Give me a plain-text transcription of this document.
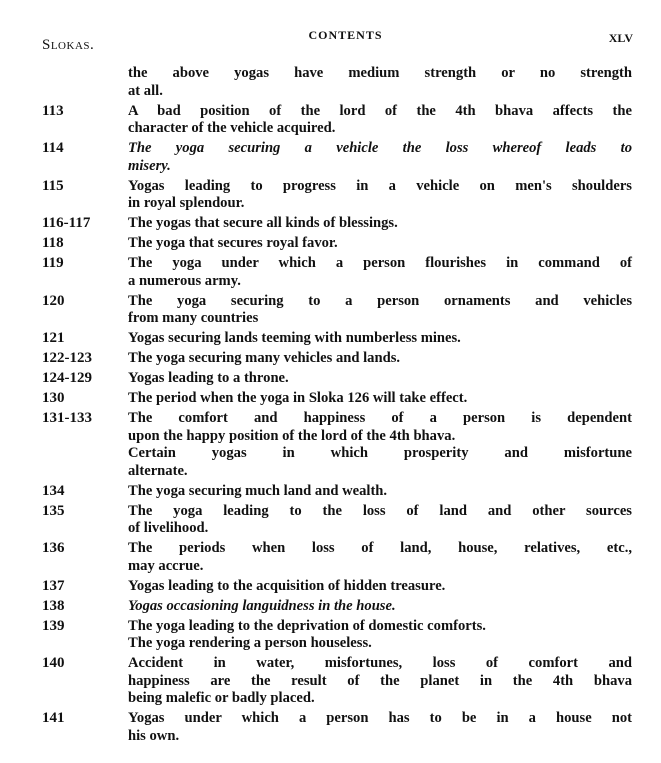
CONTENTS	XLV
Slokas.
the above yogas have medium strength or no strength
at all.
113	A bad position of the lord of the 4th bhava affects the
character of the vehicle acquired.
114	The yoga securing a vehicle the loss whereof leads to
misery.
115	Yogas leading to progress in a vehicle on men's shoulders
in royal splendour.
116-117	The yogas that secure all kinds of blessings.
118	The yoga that secures royal favor.
119	The yoga under which a person flourishes in command of
a numerous army.
120	The yoga securing to a person ornaments and vehicles
from many countries
121	Yogas securing lands teeming with numberless mines.
122-123	The yoga securing many vehicles and lands.
124-129	Yogas leading to a throne.
130	The period when the yoga in Sloka 126 will take effect.
131-133	The comfort and happiness of a person is dependent
upon the happy position of the lord of the 4th bhava.
Certain yogas in which prosperity and misfortune
alternate.
134	The yoga securing much land and wealth.
135	The yoga leading to the loss of land and other sources
of livelihood.
136	The periods when loss of land, house, relatives, etc.,
may accrue.
137	Yogas leading to the acquisition of hidden treasure.
138	Yogas occasioning languidness in the house.
139	The yoga leading to the deprivation of domestic comforts.
The yoga rendering a person houseless.
140	Accident in water, misfortunes, loss of comfort and
happiness are the result of the planet in the 4th bhava
being malefic or badly placed.
141	Yogas under which a person has to be in a house not
his own.
